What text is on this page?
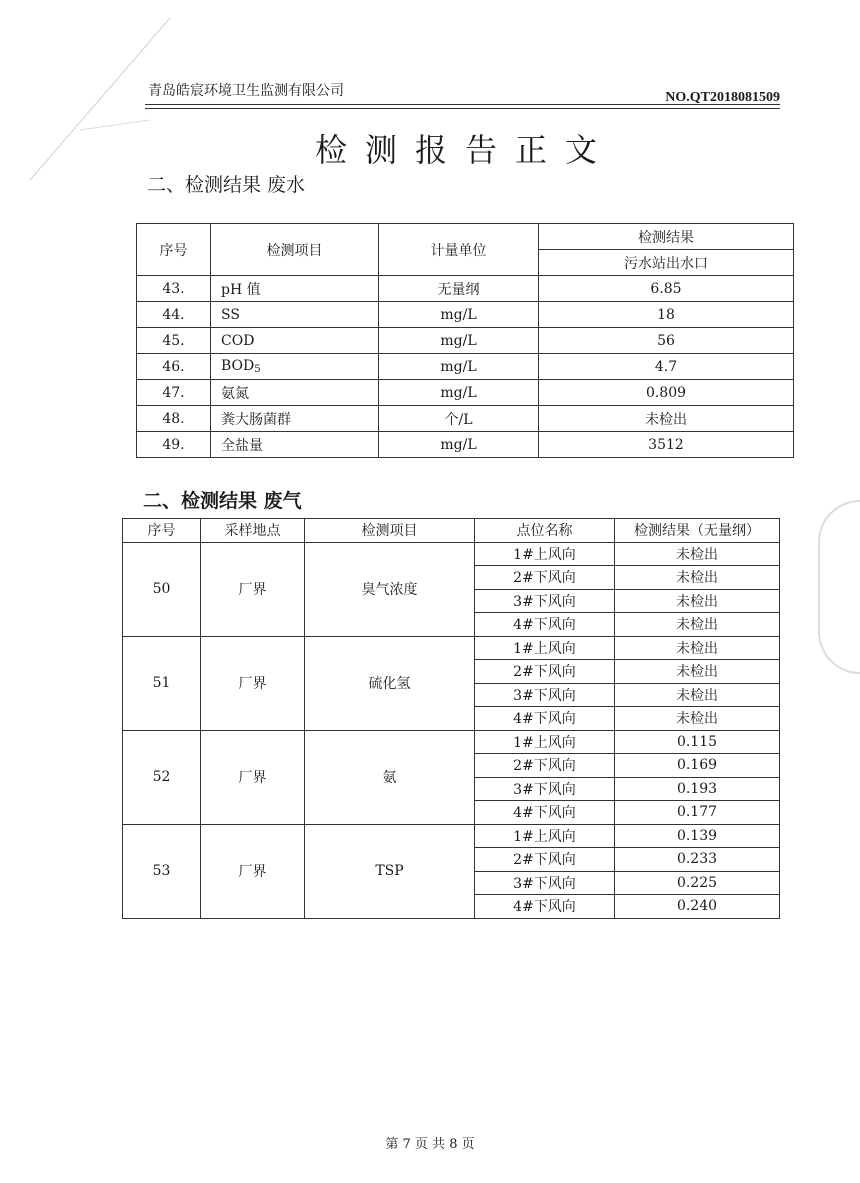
青岛皓宸环境卫生监测有限公司	NO.QT2018081509
检测报告正文
二、检测结果 废水
序号	检测项目	计量单位	检测结果
			污水站出水口
43.	pH 值	无量纲	6.85
44.	SS	mg/L	18
45.	COD	mg/L	56
46.	$BOD_5$	mg/L	4.7
47.	氨氮	mg/L	0.809
48.	粪大肠菌群	个/L	未检出
49.	全盐量	mg/L	3512
二、检测结果 废气
序号	采样地点	检测项目	点位名称	检测结果（无量纲）
50	厂界	臭气浓度	1#上风向	未检出
			2#下风向	未检出
			3#下风向	未检出
			4#下风向	未检出
51	厂界	硫化氢	1#上风向	未检出
			2#下风向	未检出
			3#下风向	未检出
			4#下风向	未检出
52	厂界	氨	1#上风向	0.115
			2#下风向	0.169
			3#下风向	0.193
			4#下风向	0.177
53	厂界	TSP	1#上风向	0.139
			2#下风向	0.233
			3#下风向	0.225
			4#下风向	0.240
第 7 页 共 8 页
